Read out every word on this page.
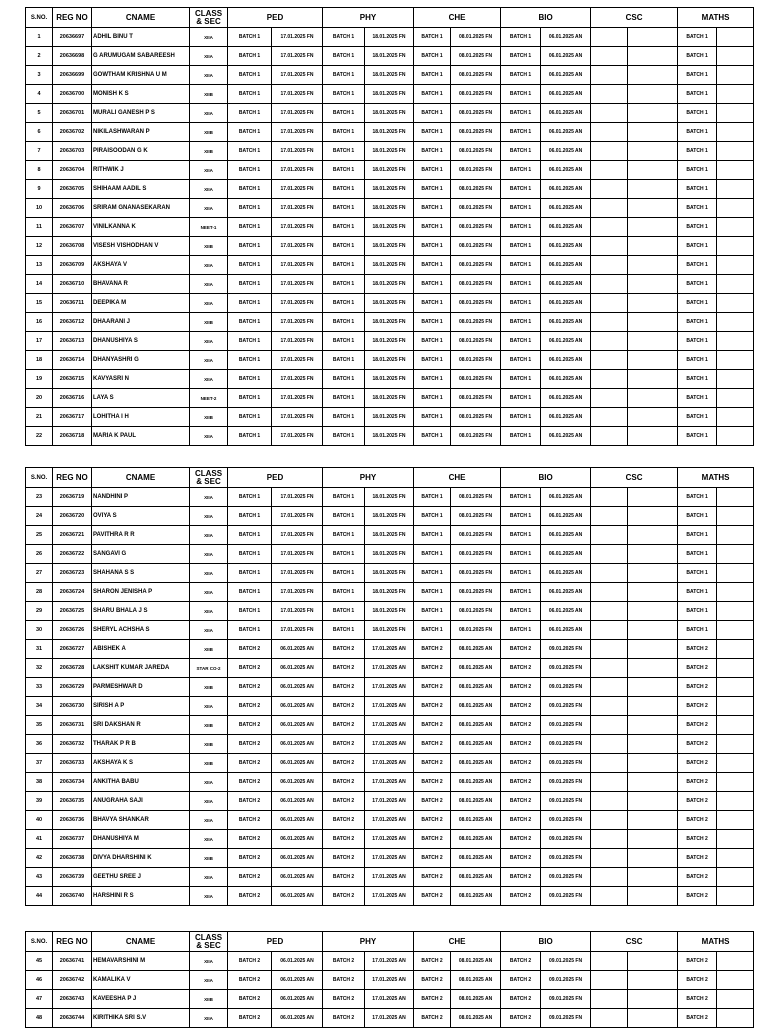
S.NO.	REG NO	CNAME	CLASS
& SEC	PED		PHY		CHE		BIO		CSC		MATHS	
1	20636697	ADHIL BINU T	XIIA	BATCH 1	17.01.2025 FN	BATCH 1	18.01.2025 FN	BATCH 1	08.01.2025 FN	BATCH 1	06.01.2025 AN			BATCH 1	
2	20636698	G ARUMUGAM SABAREESH	XIIA	BATCH 1	17.01.2025 FN	BATCH 1	18.01.2025 FN	BATCH 1	08.01.2025 FN	BATCH 1	06.01.2025 AN			BATCH 1	
3	20636699	GOWTHAM KRISHNA U M	XIIA	BATCH 1	17.01.2025 FN	BATCH 1	18.01.2025 FN	BATCH 1	08.01.2025 FN	BATCH 1	06.01.2025 AN			BATCH 1	
4	20636700	MONISH K S	XIIB	BATCH 1	17.01.2025 FN	BATCH 1	18.01.2025 FN	BATCH 1	08.01.2025 FN	BATCH 1	06.01.2025 AN			BATCH 1	
5	20636701	MURALI GANESH P S	XIIA	BATCH 1	17.01.2025 FN	BATCH 1	18.01.2025 FN	BATCH 1	08.01.2025 FN	BATCH 1	06.01.2025 AN			BATCH 1	
6	20636702	NIKILASHWARAN P	XIIB	BATCH 1	17.01.2025 FN	BATCH 1	18.01.2025 FN	BATCH 1	08.01.2025 FN	BATCH 1	06.01.2025 AN			BATCH 1	
7	20636703	PIRAISOODAN G K	XIIB	BATCH 1	17.01.2025 FN	BATCH 1	18.01.2025 FN	BATCH 1	08.01.2025 FN	BATCH 1	06.01.2025 AN			BATCH 1	
8	20636704	RITHWIK J	XIIA	BATCH 1	17.01.2025 FN	BATCH 1	18.01.2025 FN	BATCH 1	08.01.2025 FN	BATCH 1	06.01.2025 AN			BATCH 1	
9	20636705	SHIHAAM AADIL S	XIIA	BATCH 1	17.01.2025 FN	BATCH 1	18.01.2025 FN	BATCH 1	08.01.2025 FN	BATCH 1	06.01.2025 AN			BATCH 1	
10	20636706	SRIRAM GNANASEKARAN	XIIA	BATCH 1	17.01.2025 FN	BATCH 1	18.01.2025 FN	BATCH 1	08.01.2025 FN	BATCH 1	06.01.2025 AN			BATCH 1	
11	20636707	VINILKANNA K	NEET-1	BATCH 1	17.01.2025 FN	BATCH 1	18.01.2025 FN	BATCH 1	08.01.2025 FN	BATCH 1	06.01.2025 AN			BATCH 1	
12	20636708	VISESH VISHODHAN V	XIIB	BATCH 1	17.01.2025 FN	BATCH 1	18.01.2025 FN	BATCH 1	08.01.2025 FN	BATCH 1	06.01.2025 AN			BATCH 1	
13	20636709	AKSHAYA V	XIIA	BATCH 1	17.01.2025 FN	BATCH 1	18.01.2025 FN	BATCH 1	08.01.2025 FN	BATCH 1	06.01.2025 AN			BATCH 1	
14	20636710	BHAVANA R	XIIA	BATCH 1	17.01.2025 FN	BATCH 1	18.01.2025 FN	BATCH 1	08.01.2025 FN	BATCH 1	06.01.2025 AN			BATCH 1	
15	20636711	DEEPIKA M	XIIA	BATCH 1	17.01.2025 FN	BATCH 1	18.01.2025 FN	BATCH 1	08.01.2025 FN	BATCH 1	06.01.2025 AN			BATCH 1	
16	20636712	DHAARANI J	XIIB	BATCH 1	17.01.2025 FN	BATCH 1	18.01.2025 FN	BATCH 1	08.01.2025 FN	BATCH 1	06.01.2025 AN			BATCH 1	
17	20636713	DHANUSHIYA S	XIIA	BATCH 1	17.01.2025 FN	BATCH 1	18.01.2025 FN	BATCH 1	08.01.2025 FN	BATCH 1	06.01.2025 AN			BATCH 1	
18	20636714	DHANYASHRI G	XIIA	BATCH 1	17.01.2025 FN	BATCH 1	18.01.2025 FN	BATCH 1	08.01.2025 FN	BATCH 1	06.01.2025 AN			BATCH 1	
19	20636715	KAVYASRI N	XIIA	BATCH 1	17.01.2025 FN	BATCH 1	18.01.2025 FN	BATCH 1	08.01.2025 FN	BATCH 1	06.01.2025 AN			BATCH 1	
20	20636716	LAYA S	NEET-2	BATCH 1	17.01.2025 FN	BATCH 1	18.01.2025 FN	BATCH 1	08.01.2025 FN	BATCH 1	06.01.2025 AN			BATCH 1	
21	20636717	LOHITHA I H	XIIB	BATCH 1	17.01.2025 FN	BATCH 1	18.01.2025 FN	BATCH 1	08.01.2025 FN	BATCH 1	06.01.2025 AN			BATCH 1	
22	20636718	MARIA K PAUL	XIIA	BATCH 1	17.01.2025 FN	BATCH 1	18.01.2025 FN	BATCH 1	08.01.2025 FN	BATCH 1	06.01.2025 AN			BATCH 1	
S.NO.	REG NO	CNAME	CLASS
& SEC	PED		PHY		CHE		BIO		CSC		MATHS	
23	20636719	NANDHINI P	XIIA	BATCH 1	17.01.2025 FN	BATCH 1	18.01.2025 FN	BATCH 1	08.01.2025 FN	BATCH 1	06.01.2025 AN			BATCH 1	
24	20636720	OVIYA S	XIIA	BATCH 1	17.01.2025 FN	BATCH 1	18.01.2025 FN	BATCH 1	08.01.2025 FN	BATCH 1	06.01.2025 AN			BATCH 1	
25	20636721	PAVITHRA R R	XIIA	BATCH 1	17.01.2025 FN	BATCH 1	18.01.2025 FN	BATCH 1	08.01.2025 FN	BATCH 1	06.01.2025 AN			BATCH 1	
26	20636722	SANGAVI G	XIIA	BATCH 1	17.01.2025 FN	BATCH 1	18.01.2025 FN	BATCH 1	08.01.2025 FN	BATCH 1	06.01.2025 AN			BATCH 1	
27	20636723	SHAHANA S S	XIIA	BATCH 1	17.01.2025 FN	BATCH 1	18.01.2025 FN	BATCH 1	08.01.2025 FN	BATCH 1	06.01.2025 AN			BATCH 1	
28	20636724	SHARON JENISHA P	XIIA	BATCH 1	17.01.2025 FN	BATCH 1	18.01.2025 FN	BATCH 1	08.01.2025 FN	BATCH 1	06.01.2025 AN			BATCH 1	
29	20636725	SHARU BHALA J S	XIIA	BATCH 1	17.01.2025 FN	BATCH 1	18.01.2025 FN	BATCH 1	08.01.2025 FN	BATCH 1	06.01.2025 AN			BATCH 1	
30	20636726	SHERYL ACHSHA S	XIIA	BATCH 1	17.01.2025 FN	BATCH 1	18.01.2025 FN	BATCH 1	08.01.2025 FN	BATCH 1	06.01.2025 AN			BATCH 1	
31	20636727	ABISHEK A	XIIB	BATCH 2	06.01.2025 AN	BATCH 2	17.01.2025 AN	BATCH 2	08.01.2025 AN	BATCH 2	09.01.2025 FN			BATCH 2	
32	20636728	LAKSHIT KUMAR JAREDA	STAR CO-2	BATCH 2	06.01.2025 AN	BATCH 2	17.01.2025 AN	BATCH 2	08.01.2025 AN	BATCH 2	09.01.2025 FN			BATCH 2	
33	20636729	PARMESHWAR D	XIIB	BATCH 2	06.01.2025 AN	BATCH 2	17.01.2025 AN	BATCH 2	08.01.2025 AN	BATCH 2	09.01.2025 FN			BATCH 2	
34	20636730	SIRISH A P	XIIA	BATCH 2	06.01.2025 AN	BATCH 2	17.01.2025 AN	BATCH 2	08.01.2025 AN	BATCH 2	09.01.2025 FN			BATCH 2	
35	20636731	SRI DAKSHAN R	XIIB	BATCH 2	06.01.2025 AN	BATCH 2	17.01.2025 AN	BATCH 2	08.01.2025 AN	BATCH 2	09.01.2025 FN			BATCH 2	
36	20636732	THARAK P R B	XIIB	BATCH 2	06.01.2025 AN	BATCH 2	17.01.2025 AN	BATCH 2	08.01.2025 AN	BATCH 2	09.01.2025 FN			BATCH 2	
37	20636733	AKSHAYA K S	XIIB	BATCH 2	06.01.2025 AN	BATCH 2	17.01.2025 AN	BATCH 2	08.01.2025 AN	BATCH 2	09.01.2025 FN			BATCH 2	
38	20636734	ANKITHA BABU	XIIA	BATCH 2	06.01.2025 AN	BATCH 2	17.01.2025 AN	BATCH 2	08.01.2025 AN	BATCH 2	09.01.2025 FN			BATCH 2	
39	20636735	ANUGRAHA SAJI	XIIA	BATCH 2	06.01.2025 AN	BATCH 2	17.01.2025 AN	BATCH 2	08.01.2025 AN	BATCH 2	09.01.2025 FN			BATCH 2	
40	20636736	BHAVYA SHANKAR	XIIA	BATCH 2	06.01.2025 AN	BATCH 2	17.01.2025 AN	BATCH 2	08.01.2025 AN	BATCH 2	09.01.2025 FN			BATCH 2	
41	20636737	DHANUSHIYA M	XIIA	BATCH 2	06.01.2025 AN	BATCH 2	17.01.2025 AN	BATCH 2	08.01.2025 AN	BATCH 2	09.01.2025 FN			BATCH 2	
42	20636738	DIVYA DHARSHINI K	XIIB	BATCH 2	06.01.2025 AN	BATCH 2	17.01.2025 AN	BATCH 2	08.01.2025 AN	BATCH 2	09.01.2025 FN			BATCH 2	
43	20636739	GEETHU SREE J	XIIA	BATCH 2	06.01.2025 AN	BATCH 2	17.01.2025 AN	BATCH 2	08.01.2025 AN	BATCH 2	09.01.2025 FN			BATCH 2	
44	20636740	HARSHINI R S	XIIA	BATCH 2	06.01.2025 AN	BATCH 2	17.01.2025 AN	BATCH 2	08.01.2025 AN	BATCH 2	09.01.2025 FN			BATCH 2	
S.NO.	REG NO	CNAME	CLASS
& SEC	PED		PHY		CHE		BIO		CSC		MATHS	
45	20636741	HEMAVARSHINI M	XIIA	BATCH 2	06.01.2025 AN	BATCH 2	17.01.2025 AN	BATCH 2	08.01.2025 AN	BATCH 2	09.01.2025 FN			BATCH 2	
46	20636742	KAMALIKA V	XIIA	BATCH 2	06.01.2025 AN	BATCH 2	17.01.2025 AN	BATCH 2	08.01.2025 AN	BATCH 2	09.01.2025 FN			BATCH 2	
47	20636743	KAVEESHA P J	XIIB	BATCH 2	06.01.2025 AN	BATCH 2	17.01.2025 AN	BATCH 2	08.01.2025 AN	BATCH 2	09.01.2025 FN			BATCH 2	
48	20636744	KIRITHIKA SRI S.V	XIIA	BATCH 2	06.01.2025 AN	BATCH 2	17.01.2025 AN	BATCH 2	08.01.2025 AN	BATCH 2	09.01.2025 FN			BATCH 2	
